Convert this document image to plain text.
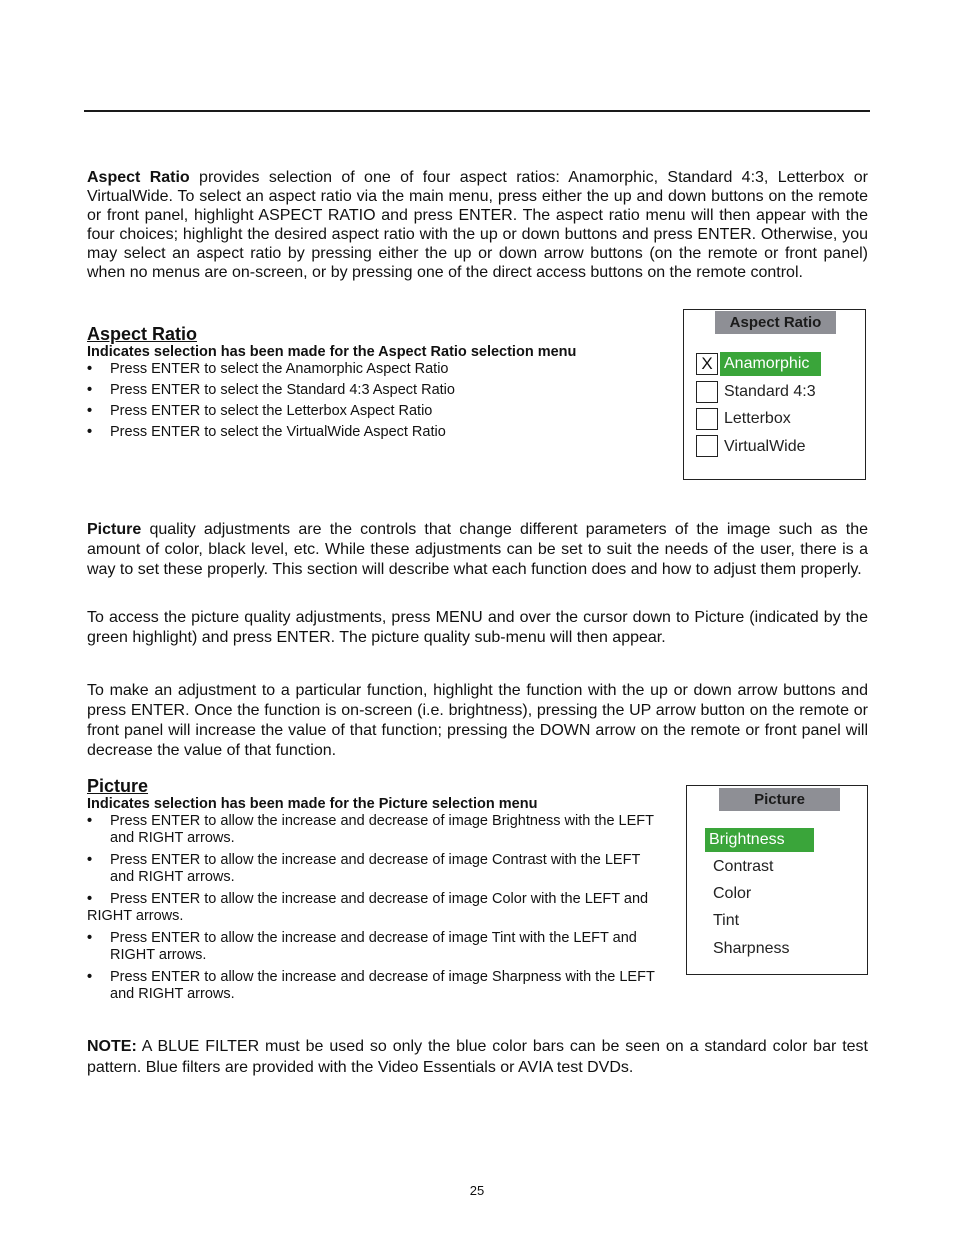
Aspect Ratio provides selection of one of four aspect ratios: Anamorphic, Standard 4:3, Letterbox or VirtualWide. To select an aspect ratio via the main menu, press either the up and down buttons on the remote or front panel, highlight ASPECT RATIO and press ENTER. The aspect ratio menu will then appear with the four choices; highlight the desired aspect ratio with the up or down buttons and press ENTER. Otherwise, you may select an aspect ratio by pressing either the up or down arrow buttons (on the remote or front panel) when no menus are on-screen, or by pressing one of the direct access buttons on the remote control.

Aspect Ratio
Indicates selection has been made for the Aspect Ratio selection menu
• Press ENTER to select the Anamorphic Aspect Ratio
• Press ENTER to select the Standard 4:3 Aspect Ratio
• Press ENTER to select the Letterbox Aspect Ratio
• Press ENTER to select the VirtualWide Aspect Ratio
Aspect Ratio
X Anamorphic
Standard 4:3
Letterbox
VirtualWide

Picture quality adjustments are the controls that change different parameters of the image such as the amount of color, black level, etc. While these adjustments can be set to suit the needs of the user, there is a way to set these properly. This section will describe what each function does and how to adjust them properly.

To access the picture quality adjustments, press MENU and over the cursor down to Picture (indicated by the green highlight) and press ENTER. The picture quality sub-menu will then appear.

To make an adjustment to a particular function, highlight the function with the up or down arrow buttons and press ENTER. Once the function is on-screen (i.e. brightness), pressing the UP arrow button on the remote or front panel will increase the value of that function; pressing the DOWN arrow on the remote or front panel will decrease the value of that function.

Picture
Indicates selection has been made for the Picture selection menu
• Press ENTER to allow the increase and decrease of image Brightness with the LEFT and RIGHT arrows.
• Press ENTER to allow the increase and decrease of image Contrast with the LEFT and RIGHT arrows.
• Press ENTER to allow the increase and decrease of image Color with the LEFT and RIGHT arrows.
• Press ENTER to allow the increase and decrease of image Tint with the LEFT and RIGHT arrows.
• Press ENTER to allow the increase and decrease of image Sharpness with the LEFT and RIGHT arrows.
Picture
Brightness
Contrast
Color
Tint
Sharpness

NOTE: A BLUE FILTER must be used so only the blue color bars can be seen on a standard color bar test pattern. Blue filters are provided with the Video Essentials or AVIA test DVDs.

25
